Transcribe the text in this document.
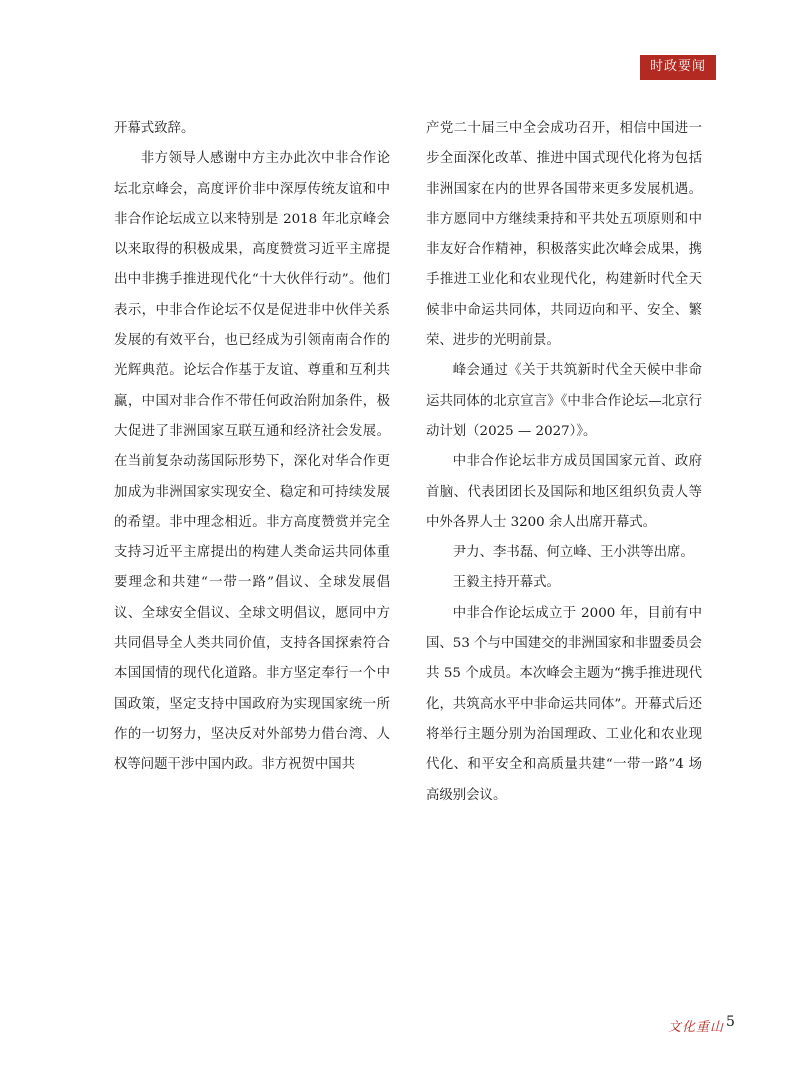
时政要闻

开幕式致辞。

非方领导人感谢中方主办此次中非合作论坛北京峰会，高度评价非中深厚传统友谊和中非合作论坛成立以来特别是 2018 年北京峰会以来取得的积极成果，高度赞赏习近平主席提出中非携手推进现代化“十大伙伴行动”。他们表示，中非合作论坛不仅是促进非中伙伴关系发展的有效平台，也已经成为引领南南合作的光辉典范。论坛合作基于友谊、尊重和互利共赢，中国对非合作不带任何政治附加条件，极大促进了非洲国家互联互通和经济社会发展。在当前复杂动荡国际形势下，深化对华合作更加成为非洲国家实现安全、稳定和可持续发展的希望。非中理念相近。非方高度赞赏并完全支持习近平主席提出的构建人类命运共同体重要理念和共建“一带一路”倡议、全球发展倡议、全球安全倡议、全球文明倡议，愿同中方共同倡导全人类共同价值，支持各国探索符合本国国情的现代化道路。非方坚定奉行一个中国政策，坚定支持中国政府为实现国家统一所作的一切努力，坚决反对外部势力借台湾、人权等问题干涉中国内政。非方祝贺中国共

产党二十届三中全会成功召开，相信中国进一步全面深化改革、推进中国式现代化将为包括非洲国家在内的世界各国带来更多发展机遇。非方愿同中方继续秉持和平共处五项原则和中非友好合作精神，积极落实此次峰会成果，携手推进工业化和农业现代化，构建新时代全天候非中命运共同体，共同迈向和平、安全、繁荣、进步的光明前景。

峰会通过《关于共筑新时代全天候中非命运共同体的北京宣言》《中非合作论坛—北京行动计划（2025 — 2027）》。

中非合作论坛非方成员国国家元首、政府首脑、代表团团长及国际和地区组织负责人等中外各界人士 3200 余人出席开幕式。

尹力、李书磊、何立峰、王小洪等出席。

王毅主持开幕式。

中非合作论坛成立于 2000 年，目前有中国、53 个与中国建交的非洲国家和非盟委员会共 55 个成员。本次峰会主题为“携手推进现代化，共筑高水平中非命运共同体”。开幕式后还将举行主题分别为治国理政、工业化和农业现代化、和平安全和高质量共建“一带一路”4 场高级别会议。

文化重山 5
